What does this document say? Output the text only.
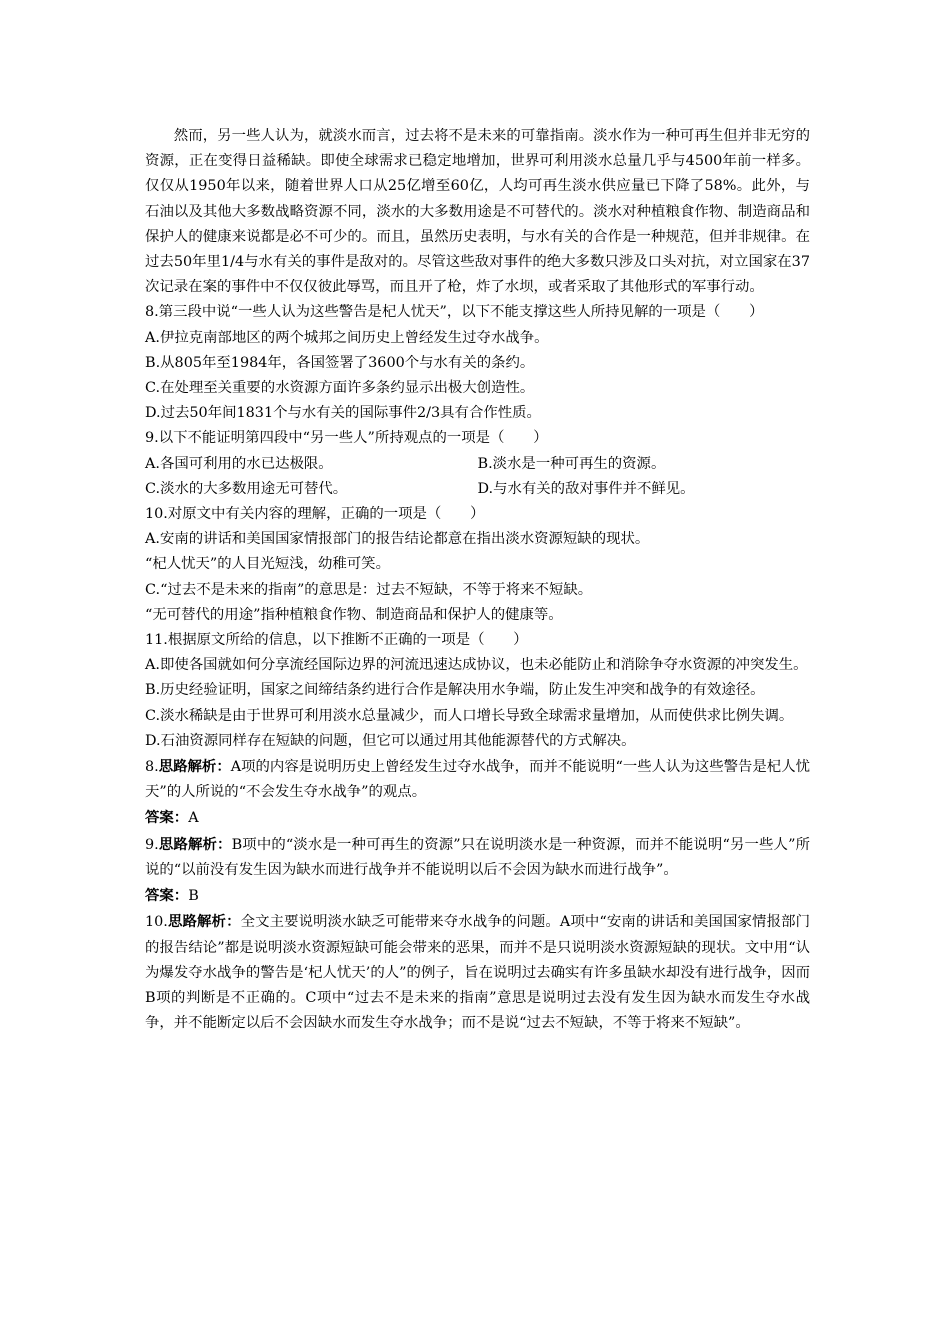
然而，另一些人认为，就淡水而言，过去将不是未来的可靠指南。淡水作为一种可再生但并非无穷的资源，正在变得日益稀缺。即使全球需求已稳定地增加，世界可利用淡水总量几乎与4500年前一样多。仅仅从1950年以来，随着世界人口从25亿增至60亿，人均可再生淡水供应量已下降了58%。此外，与石油以及其他大多数战略资源不同，淡水的大多数用途是不可替代的。淡水对种植粮食作物、制造商品和保护人的健康来说都是必不可少的。而且，虽然历史表明，与水有关的合作是一种规范，但并非规律。在过去50年里1/4与水有关的事件是敌对的。尽管这些敌对事件的绝大多数只涉及口头对抗，对立国家在37次记录在案的事件中不仅仅彼此辱骂，而且开了枪，炸了水坝，或者采取了其他形式的军事行动。

8.第三段中说“一些人认为这些警告是杞人忧天”，以下不能支撑这些人所持见解的一项是（　　）

A.伊拉克南部地区的两个城邦之间历史上曾经发生过夺水战争。

B.从805年至1984年，各国签署了3600个与水有关的条约。

C.在处理至关重要的水资源方面许多条约显示出极大创造性。

D.过去50年间1831个与水有关的国际事件2/3具有合作性质。

9.以下不能证明第四段中“另一些人”所持观点的一项是（　　）

A.各国可利用的水已达极限。	B.淡水是一种可再生的资源。
C.淡水的大多数用途无可替代。	D.与水有关的敌对事件并不鲜见。

10.对原文中有关内容的理解，正确的一项是（　　）

A.安南的讲话和美国国家情报部门的报告结论都意在指出淡水资源短缺的现状。

“杞人忧天”的人目光短浅，幼稚可笑。

C.“过去不是未来的指南”的意思是：过去不短缺，不等于将来不短缺。

“无可替代的用途”指种植粮食作物、制造商品和保护人的健康等。

11.根据原文所给的信息，以下推断不正确的一项是（　　）

A.即使各国就如何分享流经国际边界的河流迅速达成协议，也未必能防止和消除争夺水资源的冲突发生。

B.历史经验证明，国家之间缔结条约进行合作是解决用水争端，防止发生冲突和战争的有效途径。

C.淡水稀缺是由于世界可利用淡水总量减少，而人口增长导致全球需求量增加，从而使供求比例失调。

D.石油资源同样存在短缺的问题，但它可以通过用其他能源替代的方式解决。

8.思路解析：A项的内容是说明历史上曾经发生过夺水战争，而并不能说明“一些人认为这些警告是杞人忧天”的人所说的“不会发生夺水战争”的观点。

答案：A

9.思路解析：B项中的“淡水是一种可再生的资源”只在说明淡水是一种资源，而并不能说明“另一些人”所说的“以前没有发生因为缺水而进行战争并不能说明以后不会因为缺水而进行战争”。

答案：B

10.思路解析：全文主要说明淡水缺乏可能带来夺水战争的问题。A项中“安南的讲话和美国国家情报部门的报告结论”都是说明淡水资源短缺可能会带来的恶果，而并不是只说明淡水资源短缺的现状。文中用“认为爆发夺水战争的警告是‘杞人忧天’的人”的例子，旨在说明过去确实有许多虽缺水却没有进行战争，因而B项的判断是不正确的。C项中“过去不是未来的指南”意思是说明过去没有发生因为缺水而发生夺水战争，并不能断定以后不会因缺水而发生夺水战争；而不是说“过去不短缺，不等于将来不短缺”。
